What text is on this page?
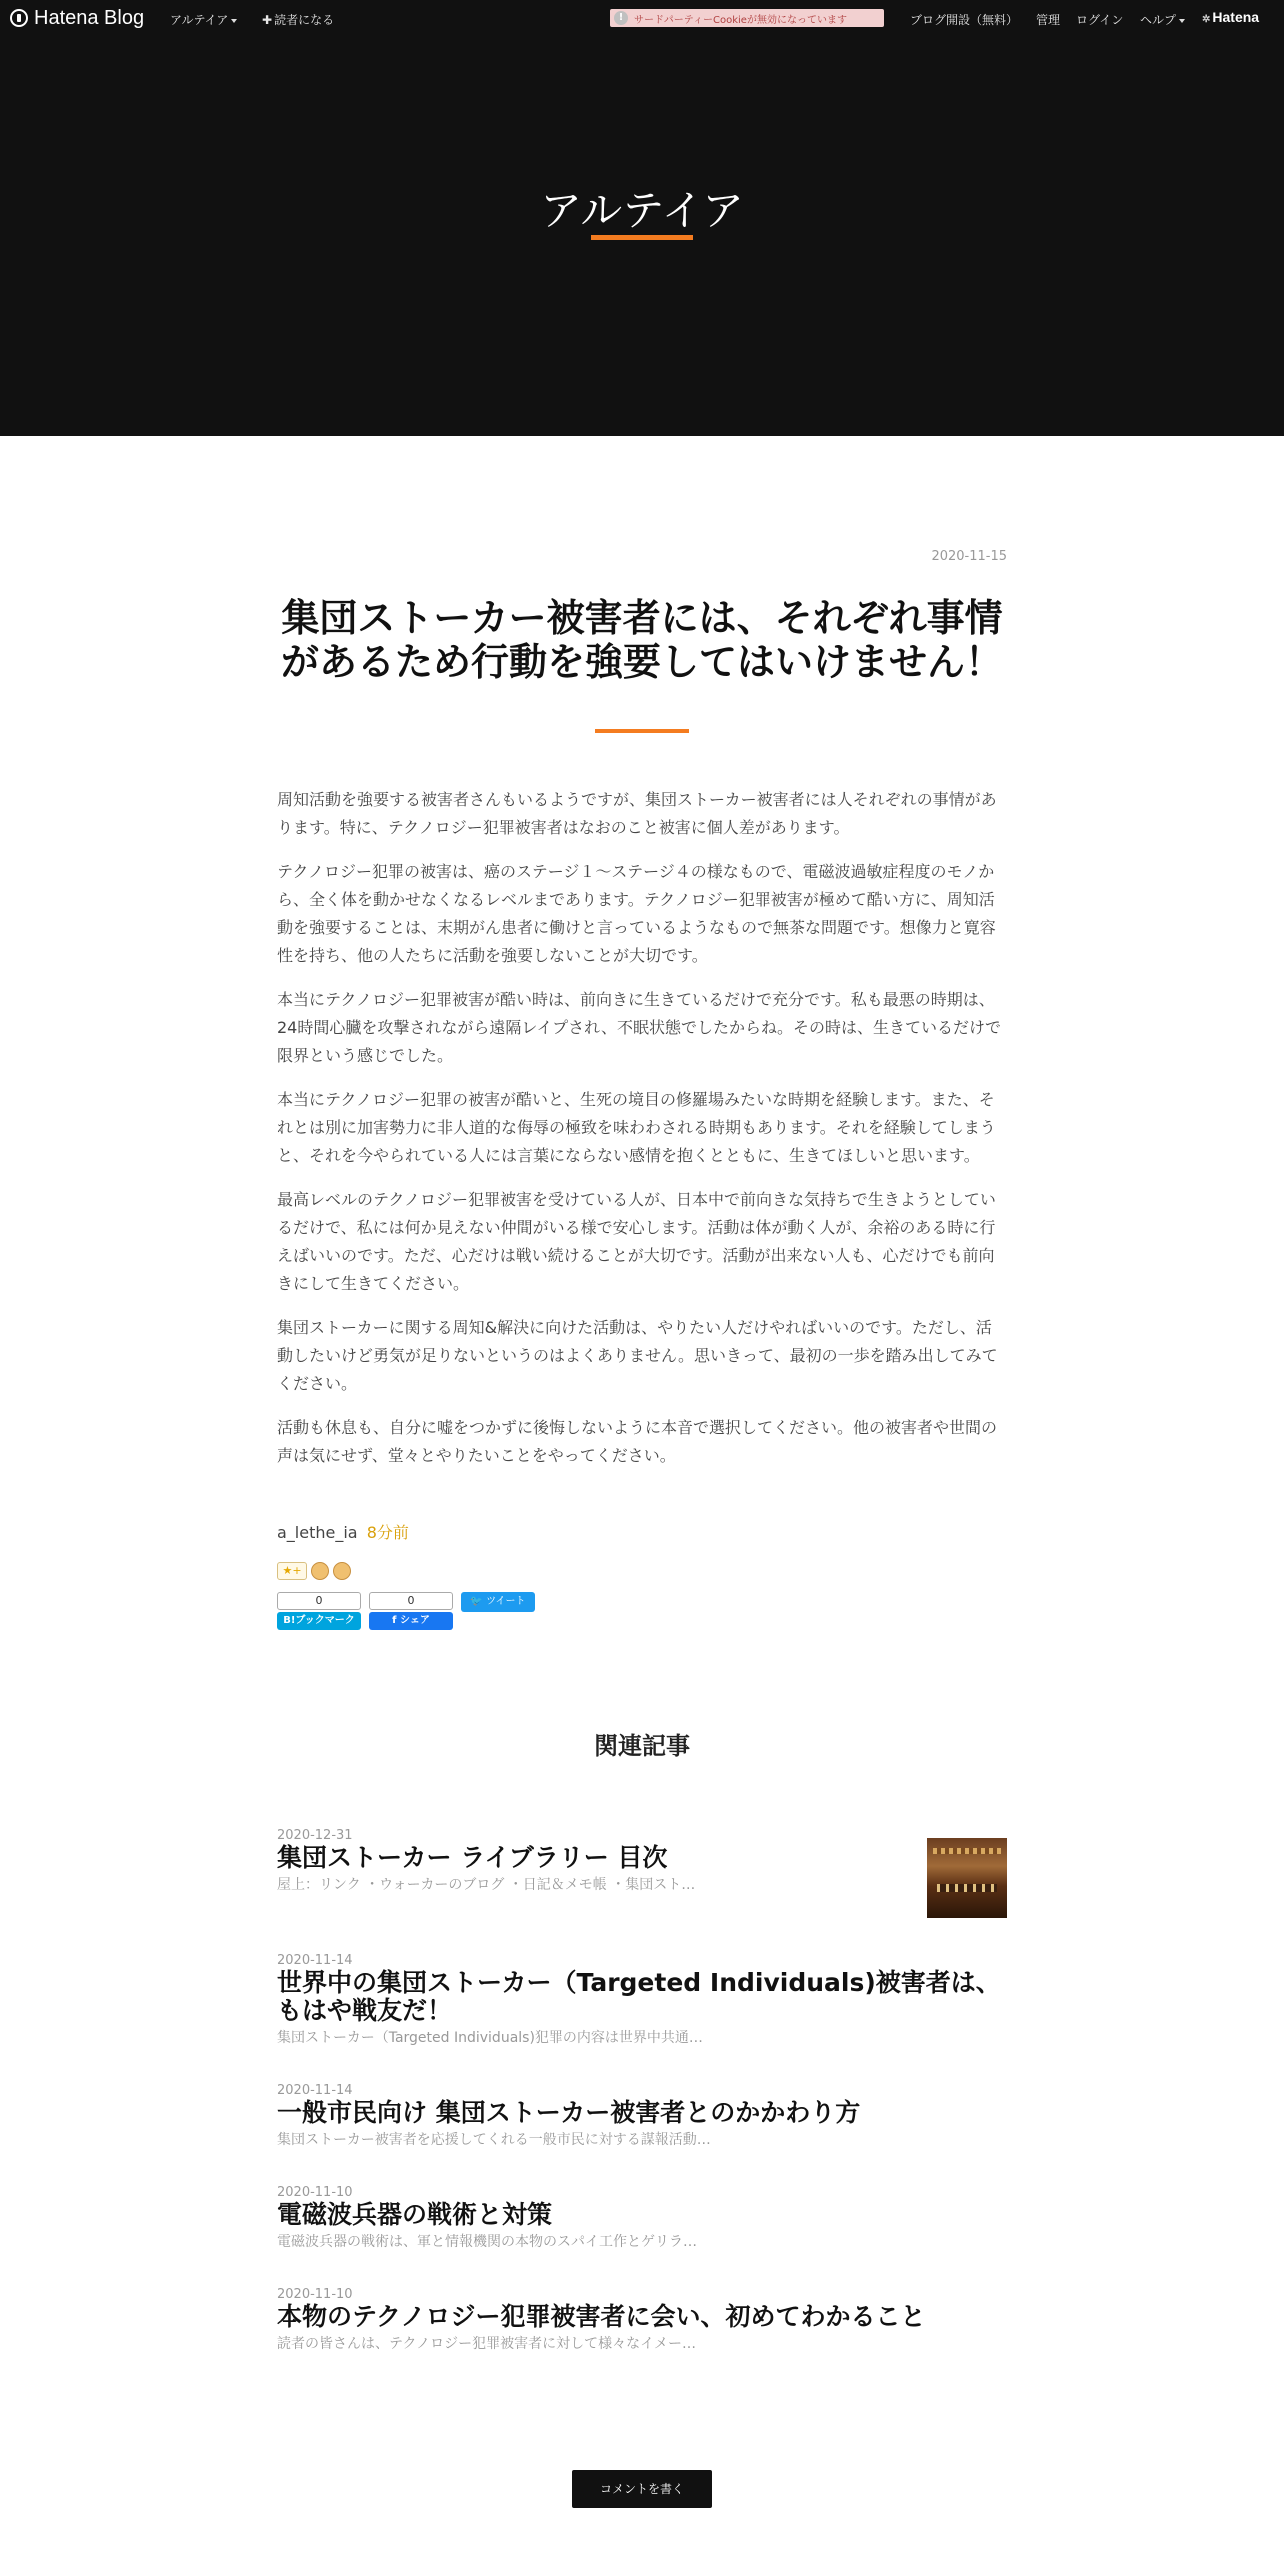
Hatena Blog アルテイア	✚ 読者になる	!	サードパーティーCookieが無効になっています	ブログ開設（無料） 管理 ログイン ヘルプ	✲ Hatena
アルテイア
2020-11-15
集団ストーカー被害者には、それぞれ事情があるため行動を強要してはいけません！

周知活動を強要する被害者さんもいるようですが、集団ストーカー被害者には人それぞれの事情があります。特に、テクノロジー犯罪被害者はなおのこと被害に個人差があります。

テクノロジー犯罪の被害は、癌のステージ１～ステージ４の様なもので、電磁波過敏症程度のモノから、全く体を動かせなくなるレベルまであります。テクノロジー犯罪被害が極めて酷い方に、周知活動を強要することは、末期がん患者に働けと言っているようなもので無茶な問題です。想像力と寛容性を持ち、他の人たちに活動を強要しないことが大切です。

本当にテクノロジー犯罪被害が酷い時は、前向きに生きているだけで充分です。私も最悪の時期は、24時間心臓を攻撃されながら遠隔レイプされ、不眠状態でしたからね。その時は、生きているだけで限界という感じでした。

本当にテクノロジー犯罪の被害が酷いと、生死の境目の修羅場みたいな時期を経験します。また、それとは別に加害勢力に非人道的な侮辱の極致を味わわされる時期もあります。それを経験してしまうと、それを今やられている人には言葉にならない感情を抱くとともに、生きてほしいと思います。

最高レベルのテクノロジー犯罪被害を受けている人が、日本中で前向きな気持ちで生きようとしているだけで、私には何か見えない仲間がいる様で安心します。活動は体が動く人が、余裕のある時に行えばいいのです。ただ、心だけは戦い続けることが大切です。活動が出来ない人も、心だけでも前向きにして生きてください。

集団ストーカーに関する周知&解決に向けた活動は、やりたい人だけやればいいのです。ただし、活動したいけど勇気が足りないというのはよくありません。思いきって、最初の一歩を踏み出してみてください。

活動も休息も、自分に嘘をつかずに後悔しないように本音で選択してください。他の被害者や世間の声は気にせず、堂々とやりたいことをやってください。

a_lethe_ia 8分前
★+
0
B!ブックマーク
0
f シェア
🐦 ツイート
関連記事
2020-12-31
集団ストーカー ライブラリー 目次
屋上：リンク ・ウォーカーのブログ ・日記＆メモ帳 ・集団スト…
2020-11-14
世界中の集団ストーカー（Targeted Individuals)被害者は、もはや戦友だ！
集団ストーカー（Targeted Individuals)犯罪の内容は世界中共通…
2020-11-14
一般市民向け 集団ストーカー被害者とのかかわり方
集団ストーカー被害者を応援してくれる一般市民に対する謀報活動…
2020-11-10
電磁波兵器の戦術と対策
電磁波兵器の戦術は、軍と情報機関の本物のスパイ工作とゲリラ…
2020-11-10
本物のテクノロジー犯罪被害者に会い、初めてわかること
読者の皆さんは、テクノロジー犯罪被害者に対して様々なイメー…
コメントを書く
